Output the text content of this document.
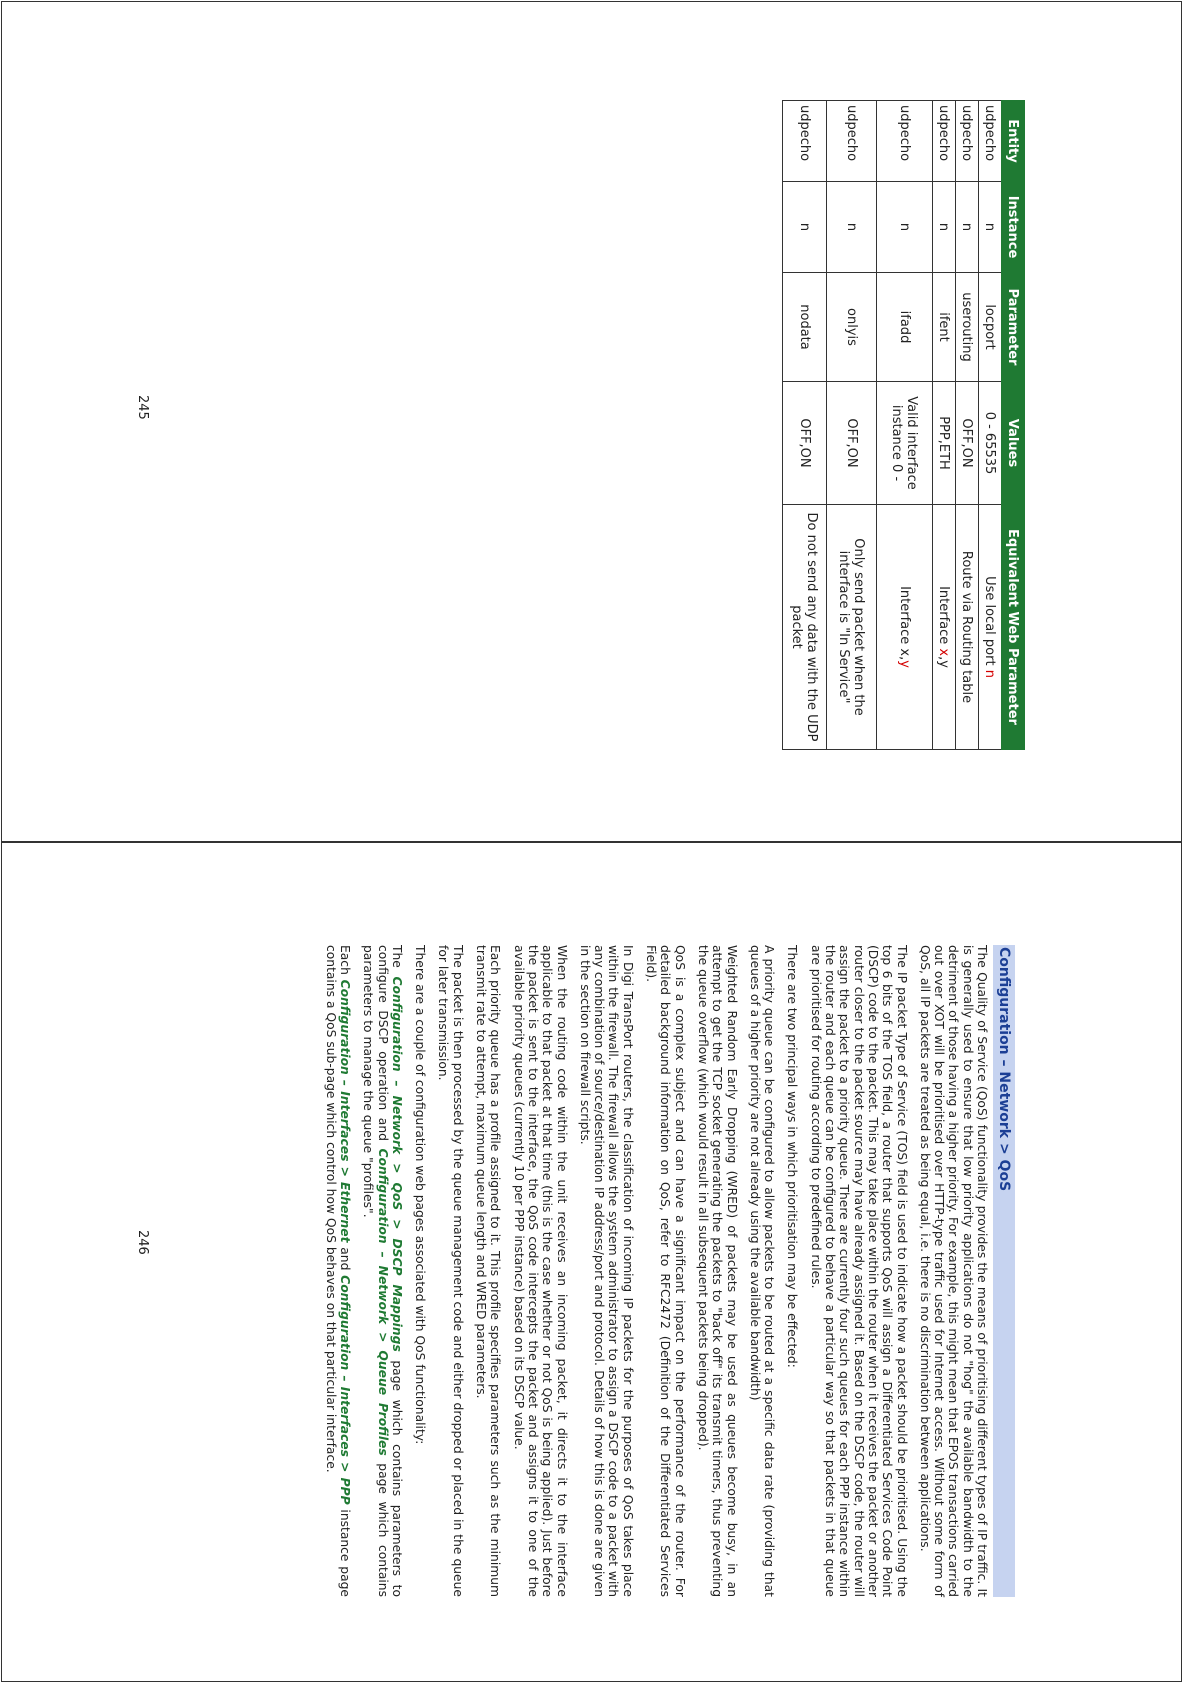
Entity	Instance	Parameter	Values	Equivalent Web Parameter
udpecho	n	locport	0 - 65535	Use local port n
udpecho	n	userouting	OFF,ON	Route via Routing table
udpecho	n	ifent	PPP,ETH	Interface x,y
udpecho	n	ifadd	Valid interface instance 0 -	Interface x,y
udpecho	n	onlyis	OFF,ON	Only send packet when the interface is "In Service"
udpecho	n	nodata	OFF,ON	Do not send any data with the UDP packet
245
Configuration – Network > QoS

The Quality of Service (QoS) functionality provides the means of prioritising different types of IP traffic. It is generally used to ensure that low priority applications do not "hog" the available bandwidth to the detriment of those having a higher priority. For example, this might mean that EPOS transactions carried out over XOT will be prioritised over HTTP-type traffic used for Internet access. Without some form of QoS, all IP packets are treated as being equal, i.e. there is no discrimination between applications.

The IP packet Type of Service (TOS) field is used to indicate how a packet should be prioritised. Using the top 6 bits of the TOS field, a router that supports QoS will assign a Differentiated Services Code Point (DSCP) code to the packet. This may take place within the router when it receives the packet or another router closer to the packet source may have already assigned it. Based on the DSCP code, the router will assign the packet to a priority queue. There are currently four such queues for each PPP instance within the router and each queue can be configured to behave a particular way so that packets in that queue are prioritised for routing according to predefined rules.

There are two principal ways in which prioritisation may be effected:

A priority queue can be configured to allow packets to be routed at a specific data rate (providing that queues of a higher priority are not already using the available bandwidth)

Weighted Random Early Dropping (WRED) of packets may be used as queues become busy, in an attempt to get the TCP socket generating the packets to "back off" its transmit timers, thus preventing the queue overflow (which would result in all subsequent packets being dropped).

QoS is a complex subject and can have a significant impact on the performance of the router. For detailed background information on QoS, refer to RFC2472 (Definition of the Differentiated Services Field).

In Digi TransPort routers, the classification of incoming IP packets for the purposes of QoS takes place within the firewall. The firewall allows the system administrator to assign a DSCP code to a packet with any combination of source/destination IP address/port and protocol. Details of how this is done are given in the section on firewall scripts.

When the routing code within the unit receives an incoming packet, it directs it to the interface applicable to that packet at that time (this is the case whether or not QoS is being applied). Just before the packet is sent to the interface, the QoS code intercepts the packet and assigns it to one of the available priority queues (currently 10 per PPP instance) based on its DSCP value.

Each priority queue has a profile assigned to it. This profile specifies parameters such as the minimum transmit rate to attempt, maximum queue length and WRED parameters.

The packet is then processed by the queue management code and either dropped or placed in the queue for later transmission.

There are a couple of configuration web pages associated with QoS functionality:

The Configuration – Network > QoS > DSCP Mappings page which contains parameters to configure DSCP operation and Configuration – Network > Queue Profiles page which contains parameters to manage the queue "profiles".

Each Configuration – Interfaces > Ethernet and Configuration – Interfaces > PPP instance page contains a QoS sub-page which control how QoS behaves on that particular interface.

246
